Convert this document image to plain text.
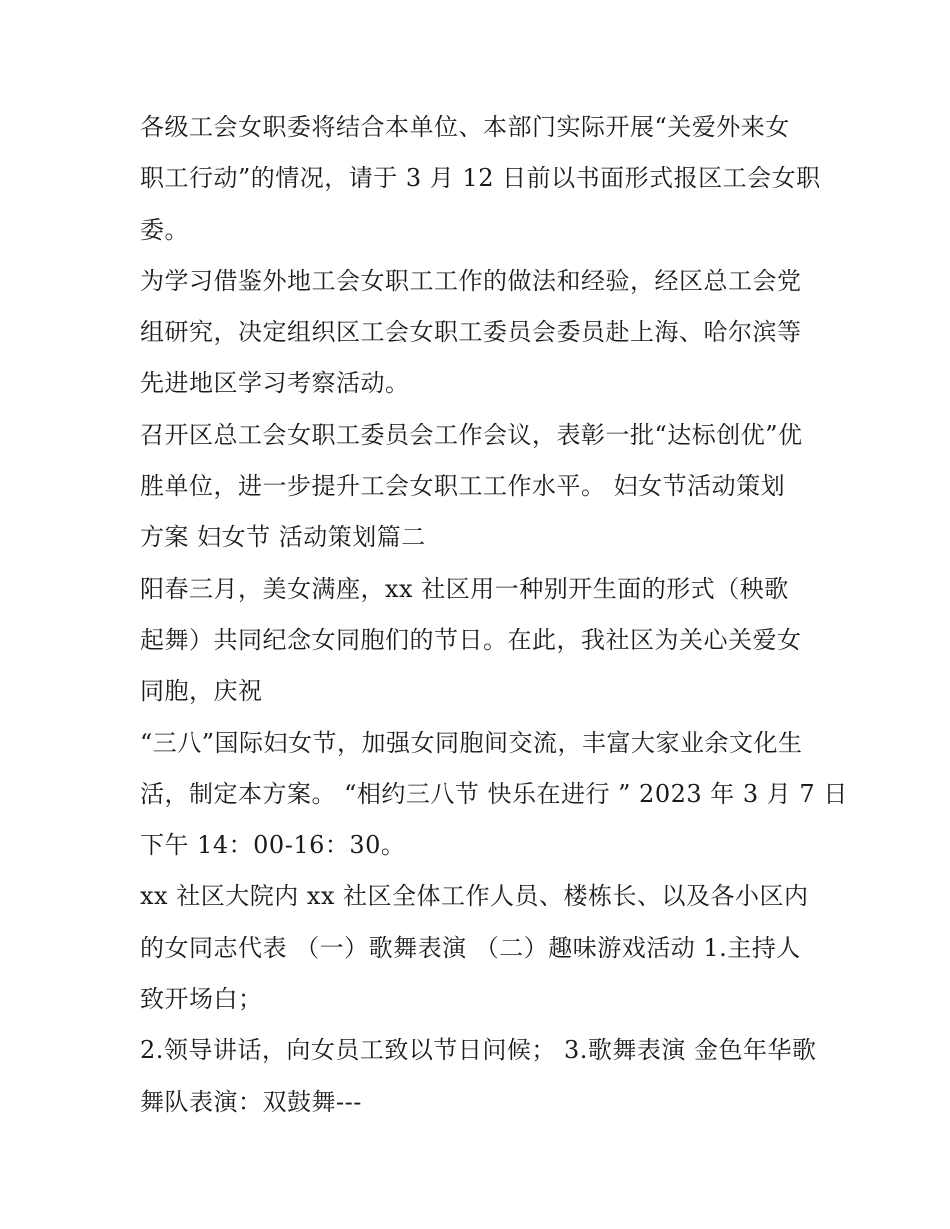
各级工会女职委将结合本单位、本部门实际开展“关爱外来女
职工行动”的情况，请于 3 月 12 日前以书面形式报区工会女职
委。
为学习借鉴外地工会女职工工作的做法和经验，经区总工会党
组研究，决定组织区工会女职工委员会委员赴上海、哈尔滨等
先进地区学习考察活动。
召开区总工会女职工委员会工作会议，表彰一批“达标创优”优
胜单位，进一步提升工会女职工工作水平。 妇女节活动策划
方案 妇女节 活动策划篇二
阳春三月，美女满座，xx 社区用一种别开生面的形式（秧歌
起舞）共同纪念女同胞们的节日。在此，我社区为关心关爱女
同胞，庆祝
“三八”国际妇女节，加强女同胞间交流，丰富大家业余文化生
活，制定本方案。 “相约三八节 快乐在进行 ” 2023 年 3 月 7 日
下午 14：00-16：30。
xx 社区大院内 xx 社区全体工作人员、楼栋长、以及各小区内
的女同志代表 （一）歌舞表演 （二）趣味游戏活动 1.主持人
致开场白；
2.领导讲话，向女员工致以节日问候； 3.歌舞表演 金色年华歌
舞队表演：双鼓舞---
